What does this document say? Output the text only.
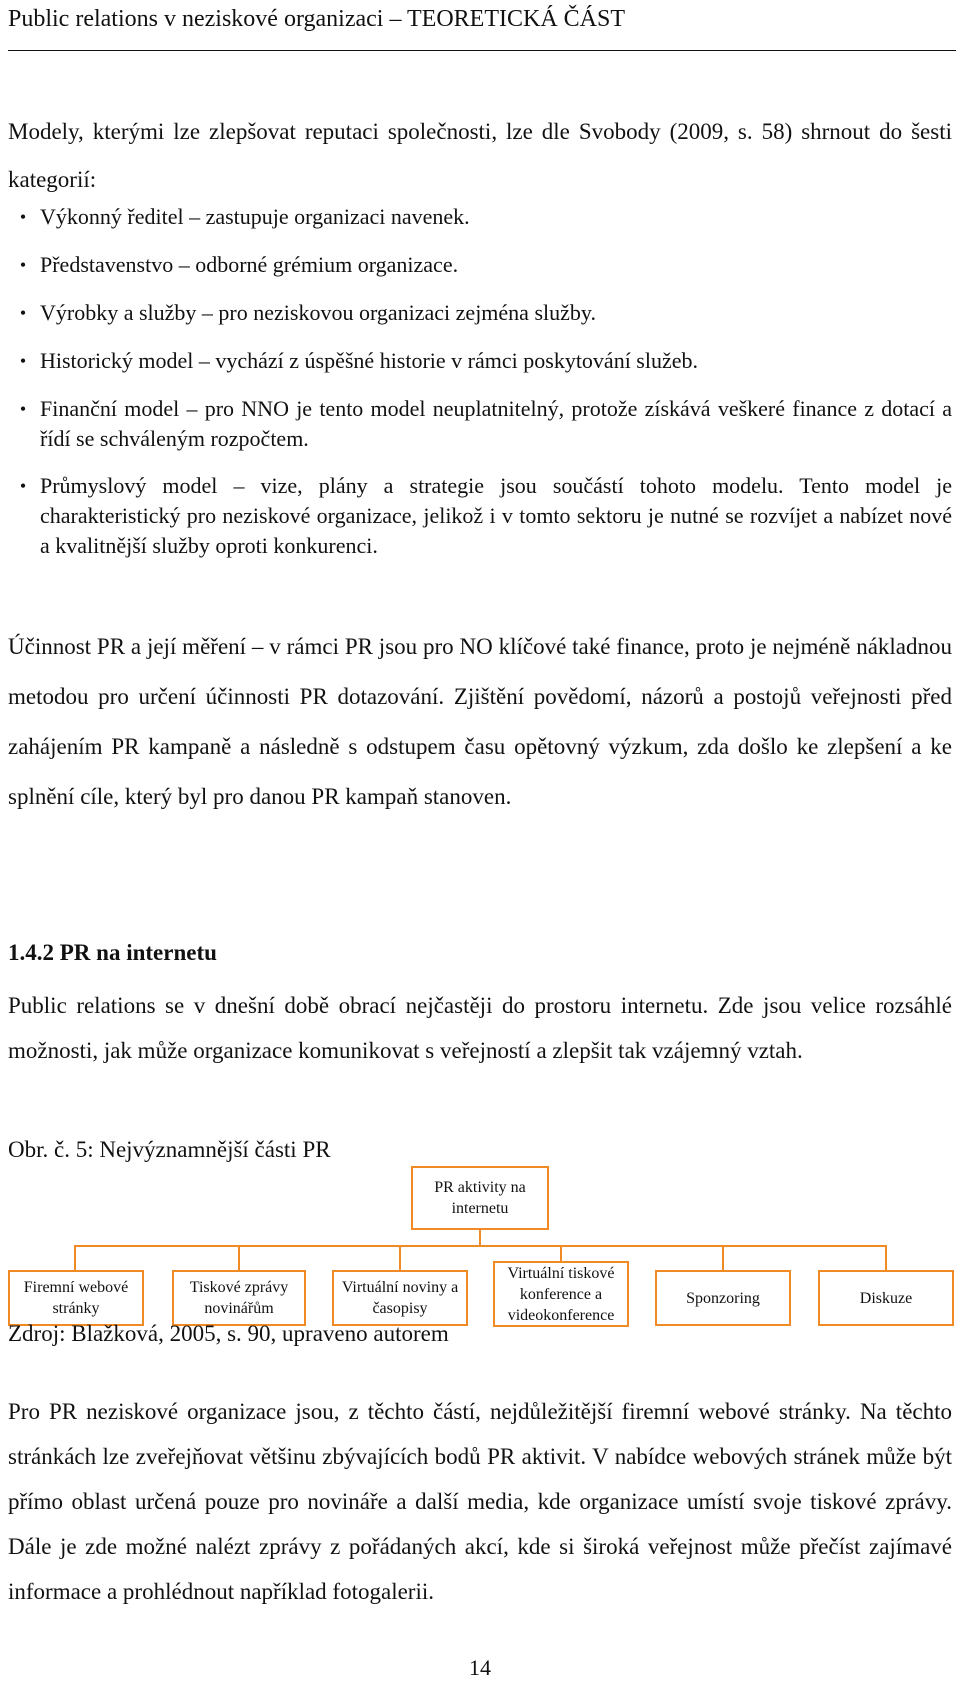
Public relations v neziskové organizaci – TEORETICKÁ ČÁST
Modely, kterými lze zlepšovat reputaci společnosti, lze dle Svobody (2009, s. 58) shrnout do šesti kategorií:
• Výkonný ředitel – zastupuje organizaci navenek.
• Představenstvo – odborné grémium organizace.
• Výrobky a služby – pro neziskovou organizaci zejména služby.
• Historický model – vychází z úspěšné historie v rámci poskytování služeb.
• Finanční model – pro NNO je tento model neuplatnitelný, protože získává veškeré finance z dotací a řídí se schváleným rozpočtem.
• Průmyslový model – vize, plány a strategie jsou součástí tohoto modelu. Tento model je charakteristický pro neziskové organizace, jelikož i v tomto sektoru je nutné se rozvíjet a nabízet nové a kvalitnější služby oproti konkurenci.
Účinnost PR a její měření – v rámci PR jsou pro NO klíčové také finance, proto je nejméně nákladnou metodou pro určení účinnosti PR dotazování. Zjištění povědomí, názorů a postojů veřejnosti před zahájením PR kampaně a následně s odstupem času opětovný výzkum, zda došlo ke zlepšení a ke splnění cíle, který byl pro danou PR kampaň stanoven.
1.4.2 PR na internetu
Public relations se v dnešní době obrací nejčastěji do prostoru internetu. Zde jsou velice rozsáhlé možnosti, jak může organizace komunikovat s veřejností a zlepšit tak vzájemný vztah.
Obr. č. 5: Nejvýznamnější části PR
PR aktivity na internetu
Firemní webové stránky
Tiskové zprávy novinářům
Virtuální noviny a časopisy
Virtuální tiskové konference a videokonference
Sponzoring	Diskuze
Zdroj: Blažková, 2005, s. 90, upraveno autorem
Pro PR neziskové organizace jsou, z těchto částí, nejdůležitější firemní webové stránky. Na těchto stránkách lze zveřejňovat většinu zbývajících bodů PR aktivit. V nabídce webových stránek může být přímo oblast určená pouze pro novináře a další media, kde organizace umístí svoje tiskové zprávy. Dále je zde možné nalézt zprávy z pořádaných akcí, kde si široká veřejnost může přečíst zajímavé informace a prohlédnout například fotogalerii.
14
